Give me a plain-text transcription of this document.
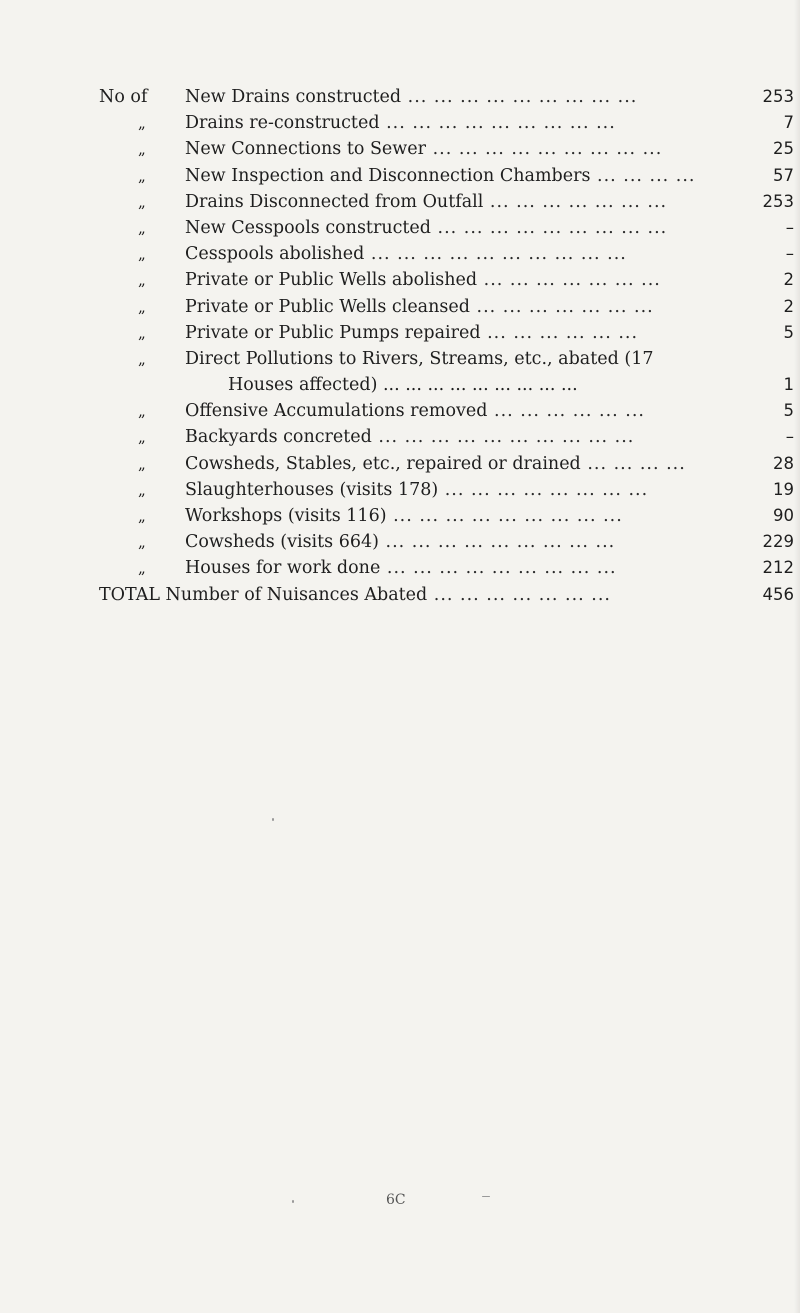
No of New Drains constructed ... ... ... ... ... ... ... ... ...	253
„ Drains re-constructed ... ... ... ... ... ... ... ... ...	7
„ New Connections to Sewer ... ... ... ... ... ... ... ... ...	25
„ New Inspection and Disconnection Chambers ... ... ... ...	57
„ Drains Disconnected from Outfall ... ... ... ... ... ... ...	253
„ New Cesspools constructed ... ... ... ... ... ... ... ... ...	–
„ Cesspools abolished ... ... ... ... ... ... ... ... ... ...	–
„ Private or Public Wells abolished ... ... ... ... ... ... ...	2
„ Private or Public Wells cleansed ... ... ... ... ... ... ...	2
„ Private or Public Pumps repaired ... ... ... ... ... ...	5
„ Direct Pollutions to Rivers, Streams, etc., abated (17
Houses affected) ... ... ... ... ... ... ... ... ...	1
„ Offensive Accumulations removed ... ... ... ... ... ...	5
„ Backyards concreted ... ... ... ... ... ... ... ... ... ...	–
„ Cowsheds, Stables, etc., repaired or drained ... ... ... ...	28
„ Slaughterhouses (visits 178) ... ... ... ... ... ... ... ...	19
„ Workshops (visits 116) ... ... ... ... ... ... ... ... ...	90
„ Cowsheds (visits 664) ... ... ... ... ... ... ... ... ...	229
„ Houses for work done ... ... ... ... ... ... ... ... ...	212
TOTAL Number of Nuisances Abated ... ... ... ... ... ... ...	456
6С
